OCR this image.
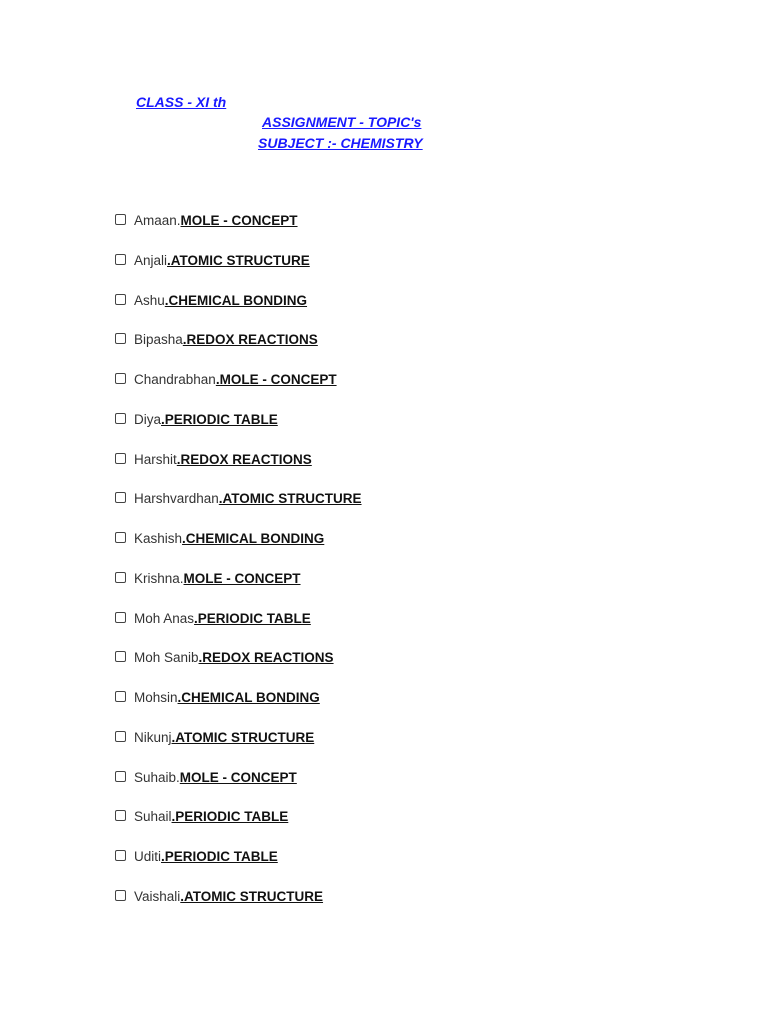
CLASS - XI th
ASSIGNMENT - TOPIC's
SUBJECT :- CHEMISTRY
Amaan. MOLE - CONCEPT
Anjali .ATOMIC STRUCTURE
Ashu .CHEMICAL BONDING
Bipasha .REDOX REACTIONS
Chandrabhan .MOLE - CONCEPT
Diya .PERIODIC TABLE
Harshit .REDOX REACTIONS
Harshvardhan .ATOMIC STRUCTURE
Kashish .CHEMICAL BONDING
Krishna. MOLE - CONCEPT
Moh Anas .PERIODIC TABLE
Moh Sanib .REDOX REACTIONS
Mohsin .CHEMICAL BONDING
Nikunj .ATOMIC STRUCTURE
Suhaib. MOLE - CONCEPT
Suhail .PERIODIC TABLE
Uditi .PERIODIC TABLE
Vaishali .ATOMIC STRUCTURE
